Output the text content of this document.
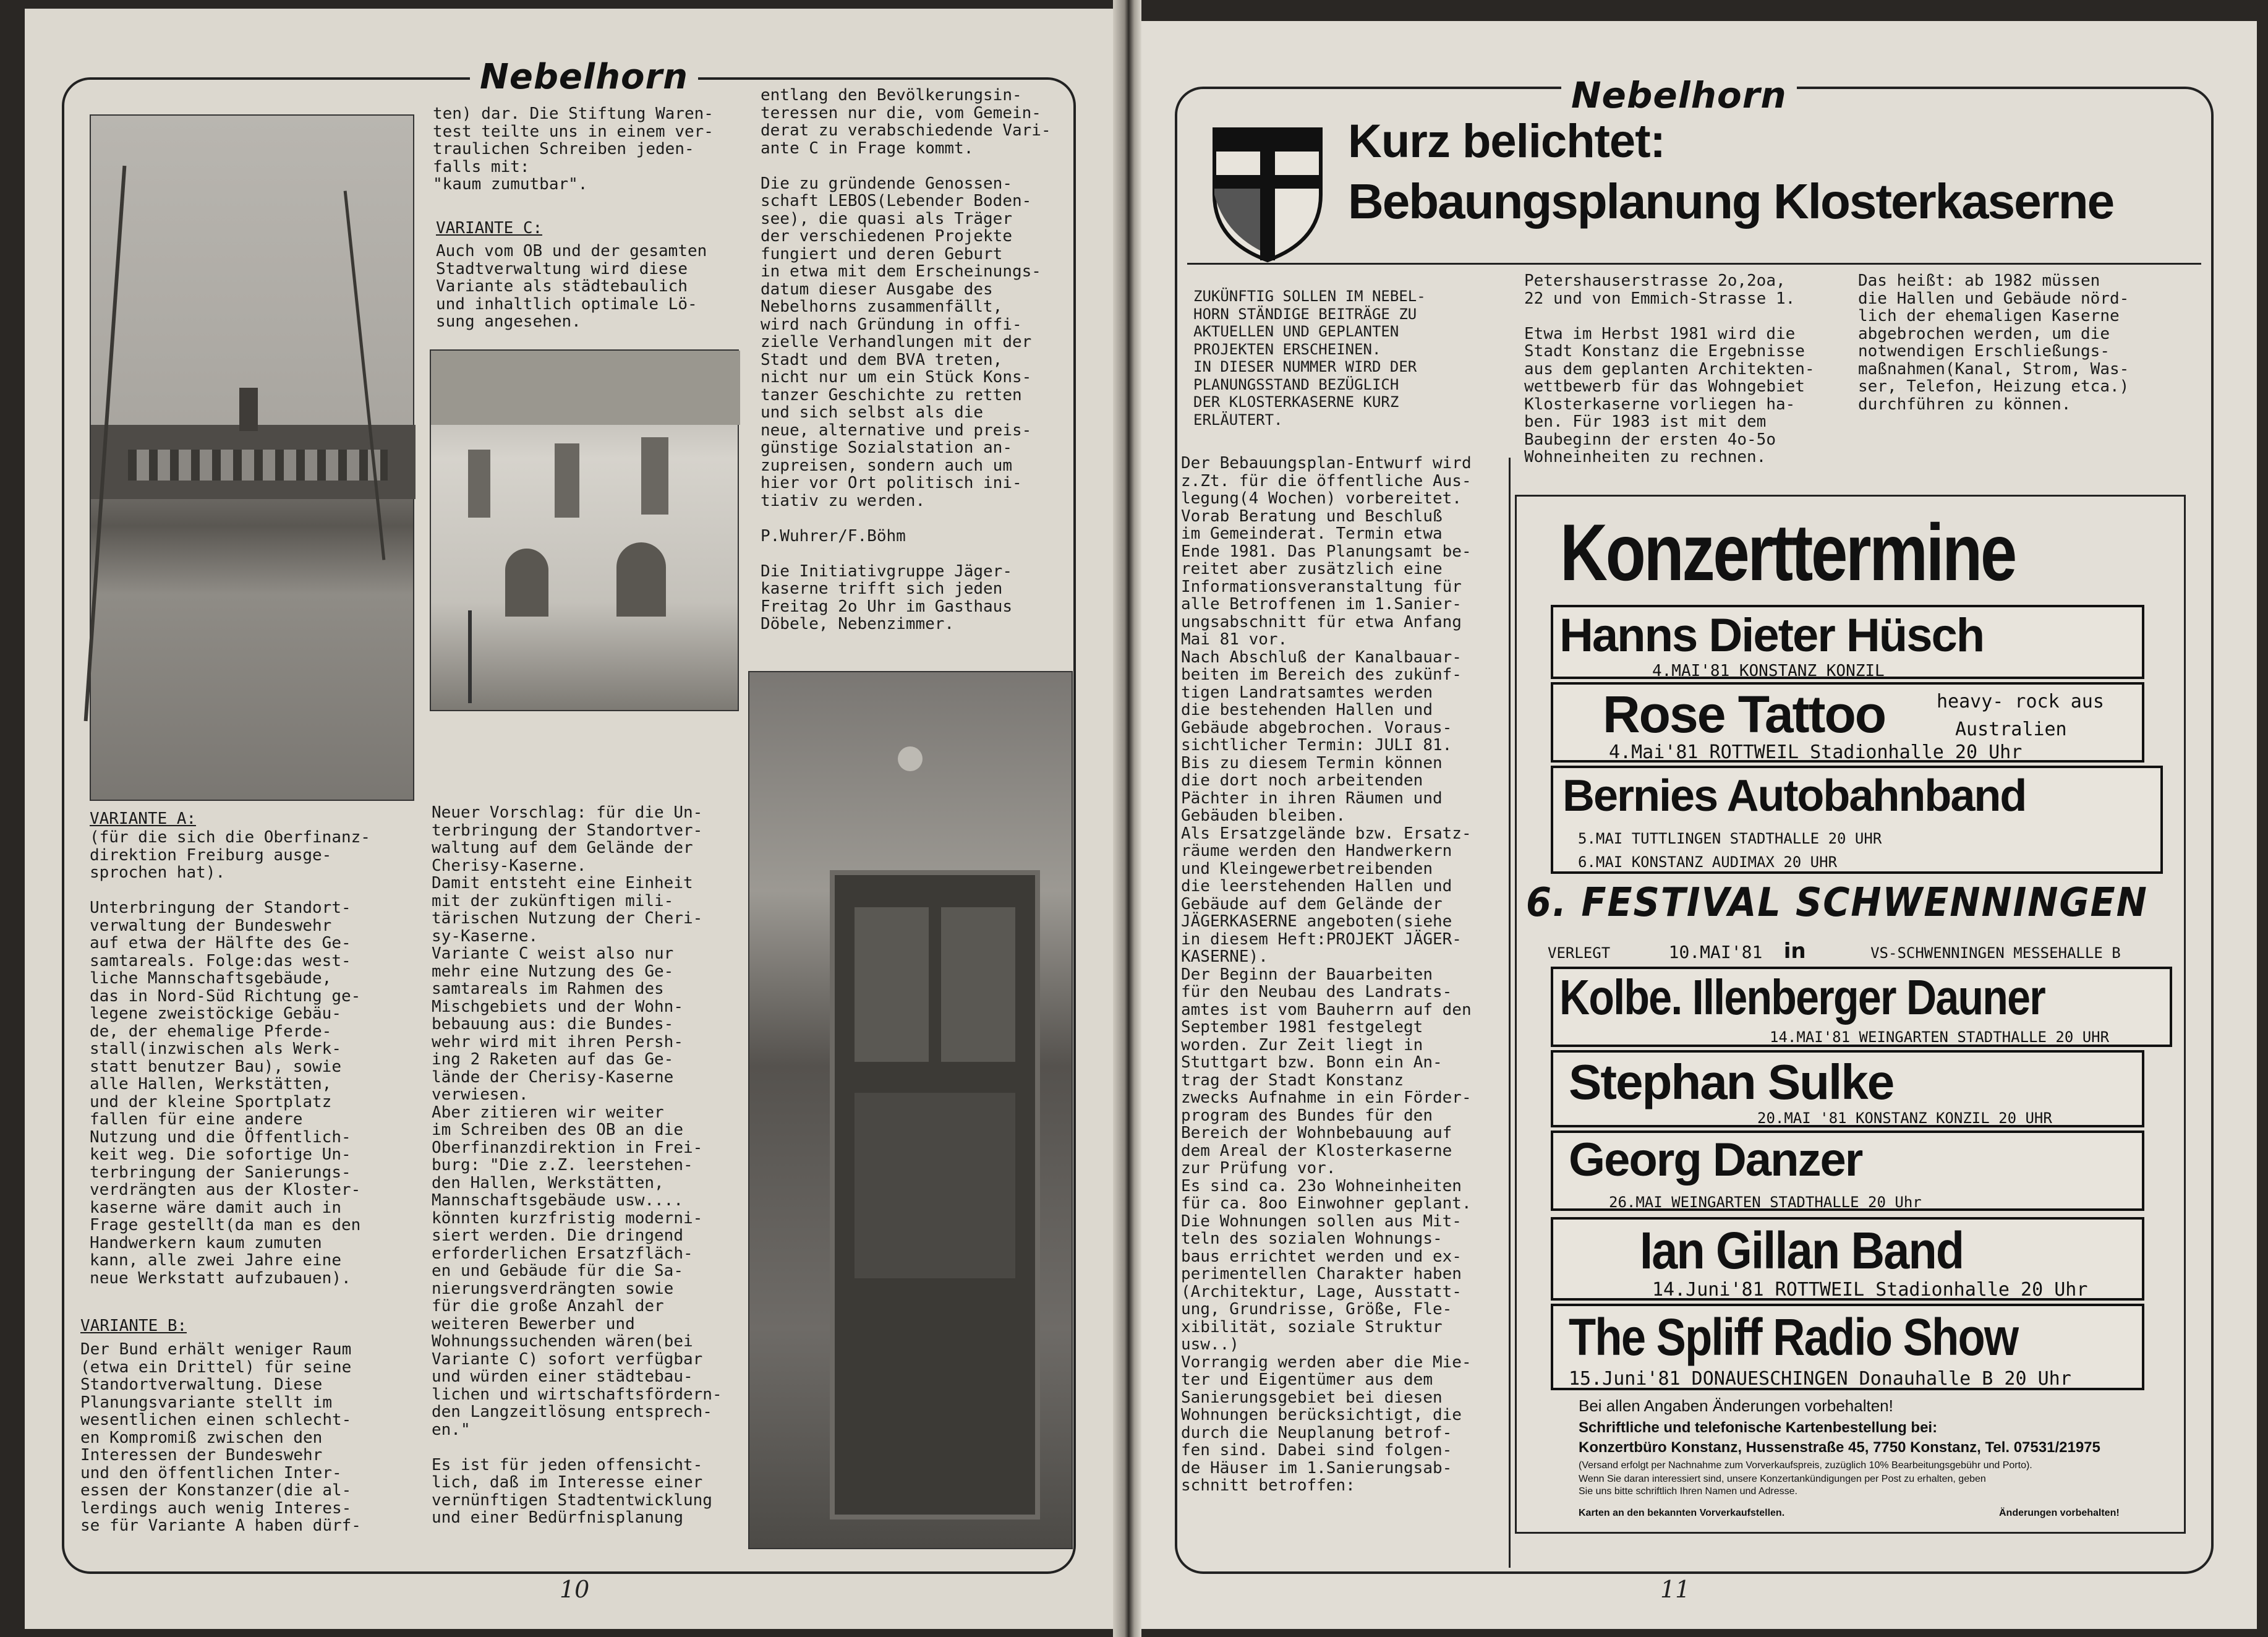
Nebelhorn
ten) dar. Die Stiftung Waren-
test teilte uns in einem ver-
traulichen Schreiben jeden-
falls mit:
"kaum zumutbar".
VARIANTE C:
Auch vom OB und der gesamten
Stadtverwaltung wird diese
Variante als städtebaulich
und inhaltlich optimale Lö-
sung angesehen.
entlang den Bevölkerungsin-
teressen nur die, vom Gemein-
derat zu verabschiedende Vari-
ante C in Frage kommt.

Die zu gründende Genossen-
schaft LEBOS(Lebender Boden-
see), die quasi als Träger
der verschiedenen Projekte
fungiert und deren Geburt
in etwa mit dem Erscheinungs-
datum dieser Ausgabe des
Nebelhorns zusammenfällt,
wird nach Gründung in offi-
zielle Verhandlungen mit der
Stadt und dem BVA treten,
nicht nur um ein Stück Kons-
tanzer Geschichte zu retten
und sich selbst als die
neue, alternative und preis-
günstige Sozialstation an-
zupreisen, sondern auch um
hier vor Ort politisch ini-
tiativ zu werden.

P.Wuhrer/F.Böhm

Die Initiativgruppe Jäger-
kaserne trifft sich jeden
Freitag 2o Uhr im Gasthaus
Döbele, Nebenzimmer.
VARIANTE A:
(für die sich die Oberfinanz-
direktion Freiburg ausge-
sprochen hat).

Unterbringung der Standort-
verwaltung der Bundeswehr
auf etwa der Hälfte des Ge-
samtareals. Folge:das west-
liche Mannschaftsgebäude,
das in Nord-Süd Richtung ge-
legene zweistöckige Gebäu-
de, der ehemalige Pferde-
stall(inzwischen als Werk-
statt benutzer Bau), sowie
alle Hallen, Werkstätten,
und der kleine Sportplatz
fallen für eine andere
Nutzung und die Öffentlich-
keit weg. Die sofortige Un-
terbringung der Sanierungs-
verdrängten aus der Kloster-
kaserne wäre damit auch in
Frage gestellt(da man es den
Handwerkern kaum zumuten
kann, alle zwei Jahre eine
neue Werkstatt aufzubauen).
VARIANTE B:
Der Bund erhält weniger Raum
(etwa ein Drittel) für seine
Standortverwaltung. Diese
Planungsvariante stellt im
wesentlichen einen schlecht-
en Kompromiß zwischen den
Interessen der Bundeswehr
und den öffentlichen Inter-
essen der Konstanzer(die al-
lerdings auch wenig Interes-
se für Variante A haben dürf-
Neuer Vorschlag: für die Un-
terbringung der Standortver-
waltung auf dem Gelände der
Cherisy-Kaserne.
Damit entsteht eine Einheit
mit der zukünftigen mili-
tärischen Nutzung der Cheri-
sy-Kaserne.
Variante C weist also nur
mehr eine Nutzung des Ge-
samtareals im Rahmen des
Mischgebiets und der Wohn-
bebauung aus: die Bundes-
wehr wird mit ihren Persh-
ing 2 Raketen auf das Ge-
lände der Cherisy-Kaserne
verwiesen.
Aber zitieren wir weiter
im Schreiben des OB an die
Oberfinanzdirektion in Frei-
burg: "Die z.Z. leerstehen-
den Hallen, Werkstätten,
Mannschaftsgebäude usw....
könnten kurzfristig moderni-
siert werden. Die dringend
erforderlichen Ersatzfläch-
en und Gebäude für die Sa-
nierungsverdrängten sowie
für die große Anzahl der
weiteren Bewerber und
Wohnungssuchenden wären(bei
Variante C) sofort verfügbar
und würden einer städtebau-
lichen und wirtschaftsfördern-
den Langzeitlösung entsprech-
en."

Es ist für jeden offensicht-
lich, daß im Interesse einer
vernünftigen Stadtentwicklung
und einer Bedürfnisplanung
10
Nebelhorn
Kurz belichtet:
Bebaungsplanung Klosterkaserne
ZUKÜNFTIG SOLLEN IM NEBEL-
HORN STÄNDIGE BEITRÄGE ZU
AKTUELLEN UND GEPLANTEN
PROJEKTEN ERSCHEINEN.
IN DIESER NUMMER WIRD DER
PLANUNGSSTAND BEZÜGLICH
DER KLOSTERKASERNE KURZ
ERLÄUTERT.
Petershauserstrasse 2o,2oa,
22 und von Emmich-Strasse 1.

Etwa im Herbst 1981 wird die
Stadt Konstanz die Ergebnisse
aus dem geplanten Architekten-
wettbewerb für das Wohngebiet
Klosterkaserne vorliegen ha-
ben. Für 1983 ist mit dem
Baubeginn der ersten 4o-5o
Wohneinheiten zu rechnen.
Das heißt: ab 1982 müssen
die Hallen und Gebäude nörd-
lich der ehemaligen Kaserne
abgebrochen werden, um die
notwendigen Erschließungs-
maßnahmen(Kanal, Strom, Was-
ser, Telefon, Heizung etca.)
durchführen zu können.
Der Bebauungsplan-Entwurf wird
z.Zt. für die öffentliche Aus-
legung(4 Wochen) vorbereitet.
Vorab Beratung und Beschluß
im Gemeinderat. Termin etwa
Ende 1981. Das Planungsamt be-
reitet aber zusätzlich eine
Informationsveranstaltung für
alle Betroffenen im 1.Sanier-
ungsabschnitt für etwa Anfang
Mai 81 vor.
Nach Abschluß der Kanalbauar-
beiten im Bereich des zukünf-
tigen Landratsamtes werden
die bestehenden Hallen und
Gebäude abgebrochen. Voraus-
sichtlicher Termin: JULI 81.
Bis zu diesem Termin können
die dort noch arbeitenden
Pächter in ihren Räumen und
Gebäuden bleiben.
Als Ersatzgelände bzw. Ersatz-
räume werden den Handwerkern
und Kleingewerbetreibenden
die leerstehenden Hallen und
Gebäude auf dem Gelände der
JÄGERKASERNE angeboten(siehe
in diesem Heft:PROJEKT JÄGER-
KASERNE).
Der Beginn der Bauarbeiten
für den Neubau des Landrats-
amtes ist vom Bauherrn auf den
September 1981 festgelegt
worden. Zur Zeit liegt in
Stuttgart bzw. Bonn ein An-
trag der Stadt Konstanz
zwecks Aufnahme in ein Förder-
program des Bundes für den
Bereich der Wohnbebauung auf
dem Areal der Klosterkaserne
zur Prüfung vor.
Es sind ca. 23o Wohneinheiten
für ca. 8oo Einwohner geplant.
Die Wohnungen sollen aus Mit-
teln des sozialen Wohnungs-
baus errichtet werden und ex-
perimentellen Charakter haben
(Architektur, Lage, Ausstatt-
ung, Grundrisse, Größe, Fle-
xibilität, soziale Struktur
usw..)
Vorrangig werden aber die Mie-
ter und Eigentümer aus dem
Sanierungsgebiet bei diesen
Wohnungen berücksichtigt, die
durch die Neuplanung betrof-
fen sind. Dabei sind folgen-
de Häuser im 1.Sanierungsab-
schnitt betroffen:
Konzerttermine
Hanns Dieter Hüsch
4.MAI'81 KONSTANZ KONZIL
Rose Tattoo	heavy- rock aus
Australien
4.Mai'81 ROTTWEIL Stadionhalle 20 Uhr
Bernies Autobahnband
5.MAI TUTTLINGEN STADTHALLE 20 UHR
6.MAI KONSTANZ AUDIMAX 20 UHR
6. FESTIVAL SCHWENNINGEN
VERLEGT	10.MAI'81 in	VS-SCHWENNINGEN MESSEHALLE B
Kolbe. Illenberger Dauner
14.MAI'81 WEINGARTEN STADTHALLE 20 UHR
Stephan Sulke
20.MAI '81 KONSTANZ KONZIL 20 UHR
Georg Danzer
26.MAI WEINGARTEN STADTHALLE 20 Uhr
Ian Gillan Band
14.Juni'81 ROTTWEIL Stadionhalle 20 Uhr
The Spliff Radio Show
15.Juni'81 DONAUESCHINGEN Donauhalle B 20 Uhr
Bei allen Angaben Änderungen vorbehalten!
Schriftliche und telefonische Kartenbestellung bei:
Konzertbüro Konstanz, Hussenstraße 45, 7750 Konstanz, Tel. 07531/21975
(Versand erfolgt per Nachnahme zum Vorverkaufspreis, zuzüglich 10% Bearbeitungsgebühr und Porto).
Wenn Sie daran interessiert sind, unsere Konzertankündigungen per Post zu erhalten, geben
Sie uns bitte schriftlich Ihren Namen und Adresse.
Karten an den bekannten Vorverkaufstellen.	Änderungen vorbehalten!
11
